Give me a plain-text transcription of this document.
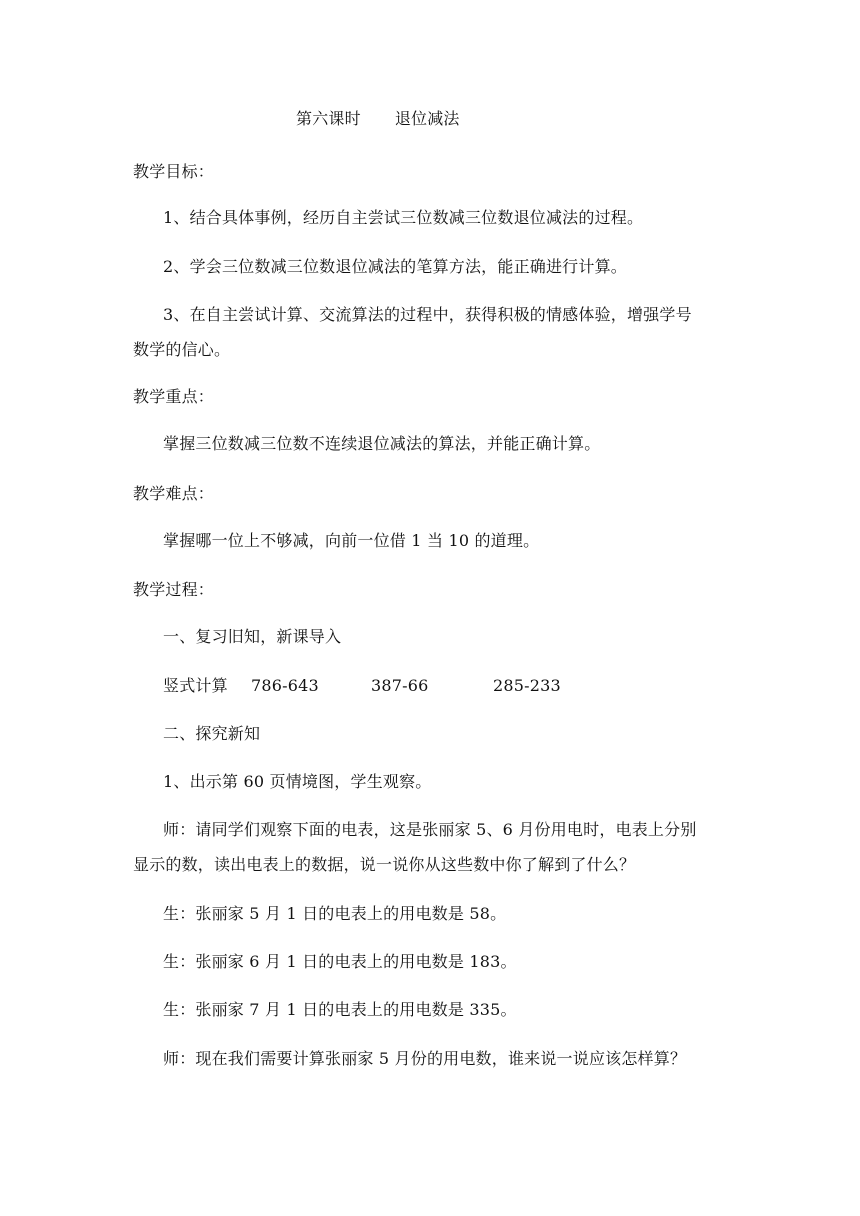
第六课时 退位减法
教学目标：
1、结合具体事例，经历自主尝试三位数减三位数退位减法的过程。
2、学会三位数减三位数退位减法的笔算方法，能正确进行计算。
3、在自主尝试计算、交流算法的过程中，获得积极的情感体验，增强学号
数学的信心。
教学重点：
掌握三位数减三位数不连续退位减法的算法，并能正确计算。
教学难点：
掌握哪一位上不够减，向前一位借 1 当 10 的道理。
教学过程：
一、复习旧知，新课导入
竖式计算 786-643	387-66	285-233
二、探究新知
1、出示第 60 页情境图，学生观察。
师：请同学们观察下面的电表，这是张丽家 5、6 月份用电时，电表上分别
显示的数，读出电表上的数据，说一说你从这些数中你了解到了什么？
生：张丽家 5 月 1 日的电表上的用电数是 58。
生：张丽家 6 月 1 日的电表上的用电数是 183。
生：张丽家 7 月 1 日的电表上的用电数是 335。
师：现在我们需要计算张丽家 5 月份的用电数，谁来说一说应该怎样算？
